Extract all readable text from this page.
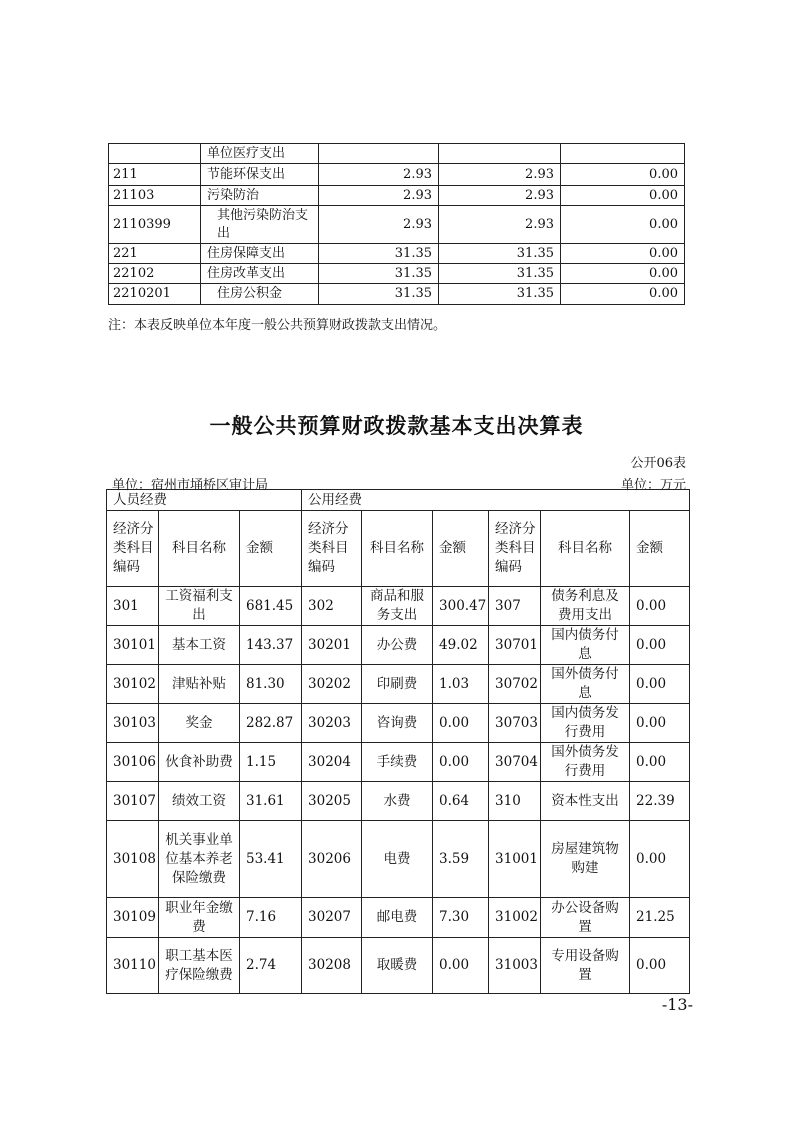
	单位医疗支出			
211	节能环保支出	2.93	2.93	0.00
21103	污染防治	2.93	2.93	0.00
2110399	其他污染防治支出	2.93	2.93	0.00
221	住房保障支出	31.35	31.35	0.00
22102	住房改革支出	31.35	31.35	0.00
2210201	住房公积金	31.35	31.35	0.00
注：本表反映单位本年度一般公共预算财政拨款支出情况。
一般公共预算财政拨款基本支出决算表
公开06表
单位：宿州市埇桥区审计局	单位：万元
人员经费			公用经费					
经济分类科目编码	科目名称	金额	经济分类科目编码	科目名称	金额	经济分类科目编码	科目名称	金额
301	工资福利支出	681.45	302	商品和服务支出	300.47	307	债务利息及费用支出	0.00
30101	基本工资	143.37	30201	办公费	49.02	30701	国内债务付息	0.00
30102	津贴补贴	81.30	30202	印刷费	1.03	30702	国外债务付息	0.00
30103	奖金	282.87	30203	咨询费	0.00	30703	国内债务发行费用	0.00
30106	伙食补助费	1.15	30204	手续费	0.00	30704	国外债务发行费用	0.00
30107	绩效工资	31.61	30205	水费	0.64	310	资本性支出	22.39
30108	机关事业单位基本养老保险缴费	53.41	30206	电费	3.59	31001	房屋建筑物购建	0.00
30109	职业年金缴费	7.16	30207	邮电费	7.30	31002	办公设备购置	21.25
30110	职工基本医疗保险缴费	2.74	30208	取暖费	0.00	31003	专用设备购置	0.00
-13-
